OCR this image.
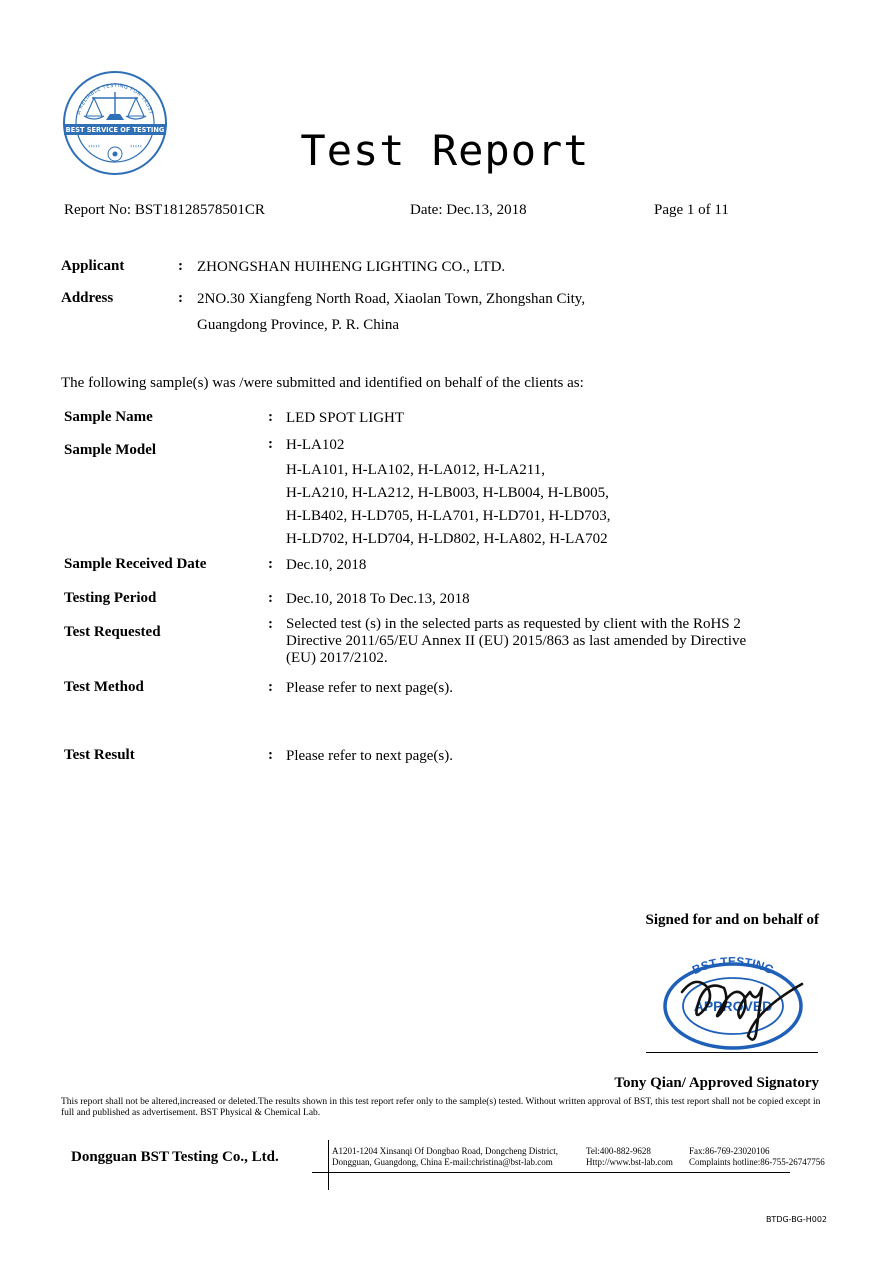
A RELIABLE TESTING FOR TRUST
BEST SERVICE OF TESTING
›››››	‹‹‹‹‹	Test Report
Report No: BST18128578501CR	Date: Dec.13, 2018	Page 1 of 11
Applicant	: ZHONGSHAN HUIHENG LIGHTING CO., LTD.
Address	: 2NO.30 Xiangfeng North Road, Xiaolan Town, Zhongshan City,
Guangdong Province, P. R. China
The following sample(s) was /were submitted and identified on behalf of the clients as:
Sample Name	: LED SPOT LIGHT
Sample Model	: H-LA102
H-LA101, H-LA102, H-LA012, H-LA211,
H-LA210, H-LA212, H-LB003, H-LB004, H-LB005,
H-LB402, H-LD705, H-LA701, H-LD701, H-LD703,
H-LD702, H-LD704, H-LD802, H-LA802, H-LA702
Sample Received Date	: Dec.10, 2018
Testing Period	: Dec.10, 2018 To Dec.13, 2018
Test Requested	: Selected test (s) in the selected parts as requested by client with the RoHS 2
Directive 2011/65/EU Annex II (EU) 2015/863 as last amended by Directive
(EU) 2017/2102.
Test Method	: Please refer to next page(s).
Test Result	: Please refer to next page(s).
Signed for and on behalf of
BST TESTING
APPROVED
Tony Qian/ Approved Signatory
This report shall not be altered,increased or deleted.The results shown in this test report refer only to the sample(s) tested. Without written approval of BST, this test report shall not be copied except in full and published as advertisement. BST Physical & Chemical Lab.
Dongguan BST Testing Co., Ltd.	A1201-1204 Xinsanqi Of Dongbao Road, Dongcheng District,
Dongguan, Guangdong, China E-mail:christina@bst-lab.com
Tel:400-882-9628
Http://www.bst-lab.com
Fax:86-769-23020106
Complaints hotline:86-755-26747756
BTDG-BG-H002
